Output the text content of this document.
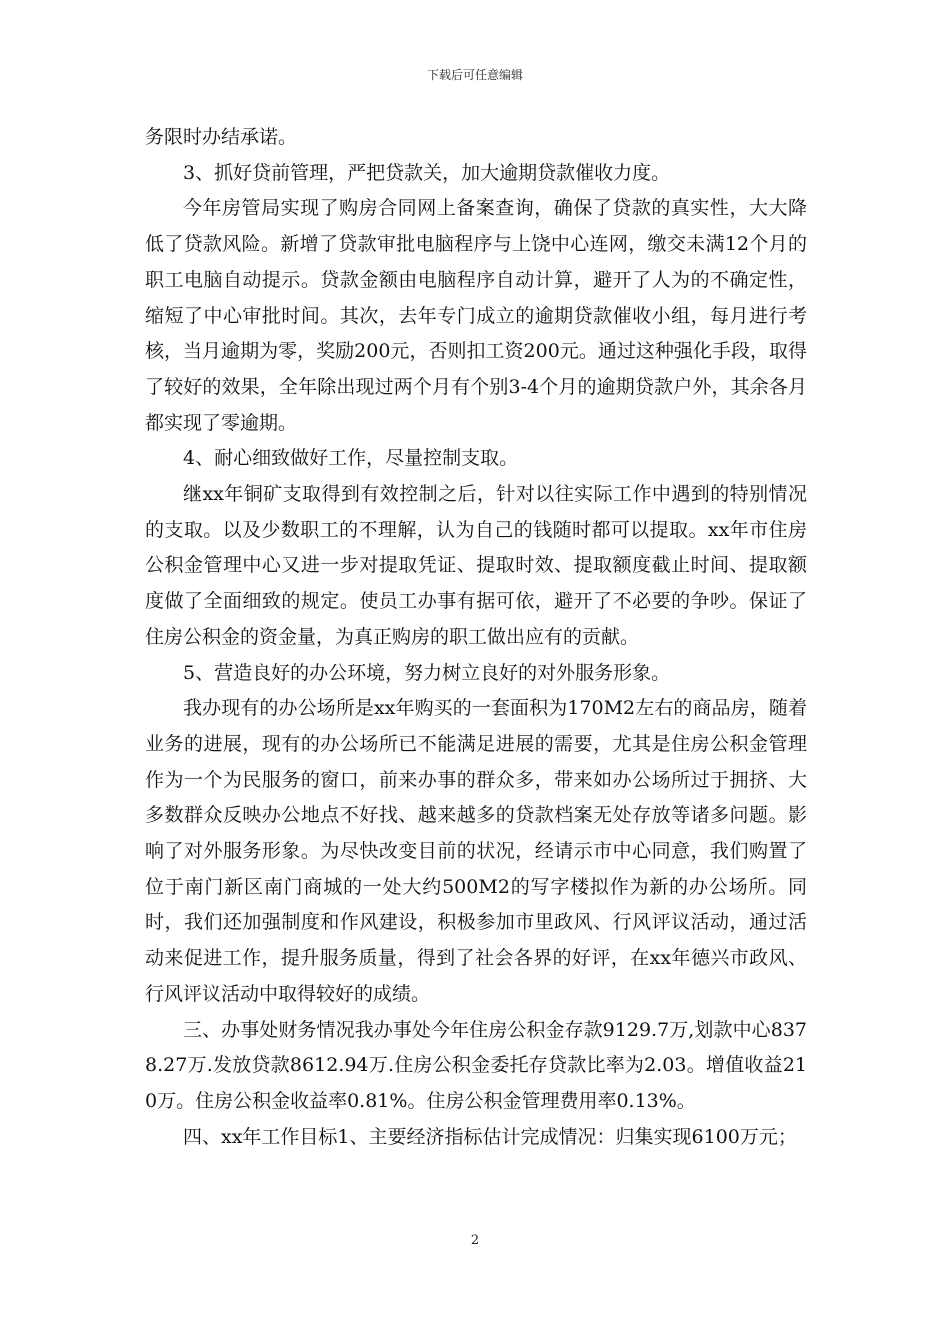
下载后可任意编辑

务限时办结承诺。

3、抓好贷前管理，严把贷款关，加大逾期贷款催收力度。

今年房管局实现了购房合同网上备案查询，确保了贷款的真实性，大大降低了贷款风险。新增了贷款审批电脑程序与上饶中心连网，缴交未满12个月的职工电脑自动提示。贷款金额由电脑程序自动计算，避开了人为的不确定性，缩短了中心审批时间。其次，去年专门成立的逾期贷款催收小组，每月进行考核，当月逾期为零，奖励200元，否则扣工资200元。通过这种强化手段，取得了较好的效果，全年除出现过两个月有个别3-4个月的逾期贷款户外，其余各月都实现了零逾期。

4、耐心细致做好工作，尽量控制支取。

继xx年铜矿支取得到有效控制之后，针对以往实际工作中遇到的特别情况的支取。以及少数职工的不理解，认为自己的钱随时都可以提取。xx年市住房公积金管理中心又进一步对提取凭证、提取时效、提取额度截止时间、提取额度做了全面细致的规定。使员工办事有据可依，避开了不必要的争吵。保证了住房公积金的资金量，为真正购房的职工做出应有的贡献。

5、营造良好的办公环境，努力树立良好的对外服务形象。

我办现有的办公场所是xx年购买的一套面积为170M2左右的商品房，随着业务的进展，现有的办公场所已不能满足进展的需要，尤其是住房公积金管理作为一个为民服务的窗口，前来办事的群众多，带来如办公场所过于拥挤、大多数群众反映办公地点不好找、越来越多的贷款档案无处存放等诸多问题。影响了对外服务形象。为尽快改变目前的状况，经请示市中心同意，我们购置了位于南门新区南门商城的一处大约500M2的写字楼拟作为新的办公场所。同时，我们还加强制度和作风建设，积极参加市里政风、行风评议活动，通过活动来促进工作，提升服务质量，得到了社会各界的好评，在xx年德兴市政风、行风评议活动中取得较好的成绩。

三、办事处财务情况我办事处今年住房公积金存款9129.7万,划款中心8378.27万.发放贷款8612.94万.住房公积金委托存贷款比率为2.03。增值收益210万。住房公积金收益率0.81%。住房公积金管理费用率0.13%。

四、xx年工作目标1、主要经济指标估计完成情况：归集实现6100万元；

2
